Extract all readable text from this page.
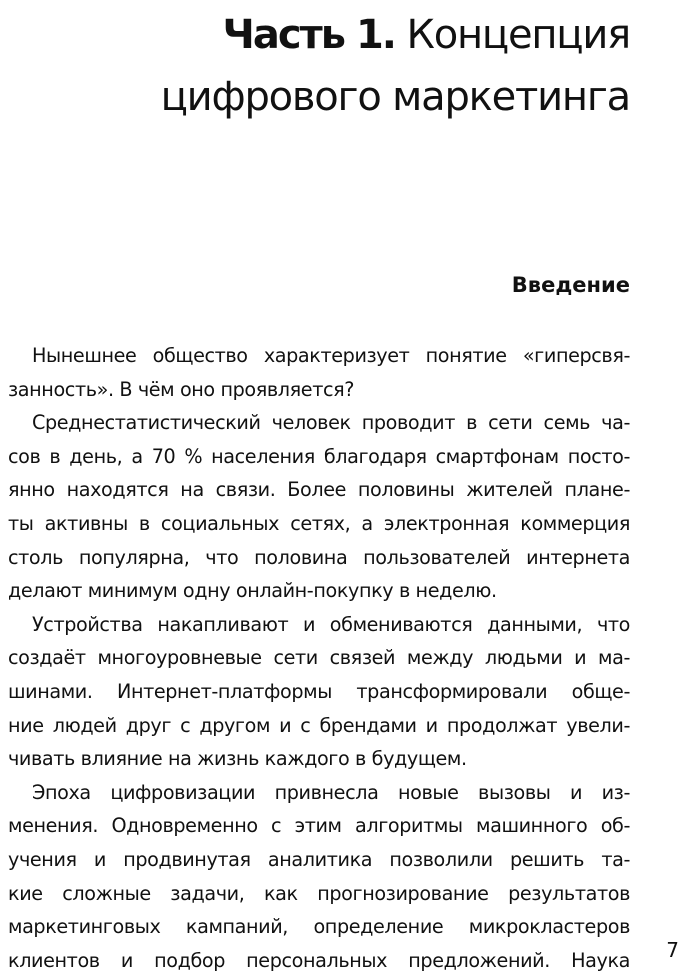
Часть 1. Концепция
цифрового маркетинга
Введение

Нынешнее общество характеризует понятие «гиперсвя-
занность». В чём оно проявляется?

Среднестатистический человек проводит в сети семь ча-
сов в день, а 70 % населения благодаря смартфонам посто-
янно находятся на связи. Более половины жителей плане-
ты активны в социальных сетях, а электронная коммерция
столь популярна, что половина пользователей интернета
делают минимум одну онлайн-покупку в неделю.

Устройства накапливают и обмениваются данными, что
создаёт многоуровневые сети связей между людьми и ма-
шинами. Интернет-платформы трансформировали обще-
ние людей друг с другом и с брендами и продолжат увели-
чивать влияние на жизнь каждого в будущем.

Эпоха цифровизации привнесла новые вызовы и из-
менения. Одновременно с этим алгоритмы машинного об-
учения и продвинутая аналитика позволили решить та-
кие сложные задачи, как прогнозирование результатов
маркетинговых кампаний, определение микрокластеров
клиентов и подбор персональных предложений. Наука 7
